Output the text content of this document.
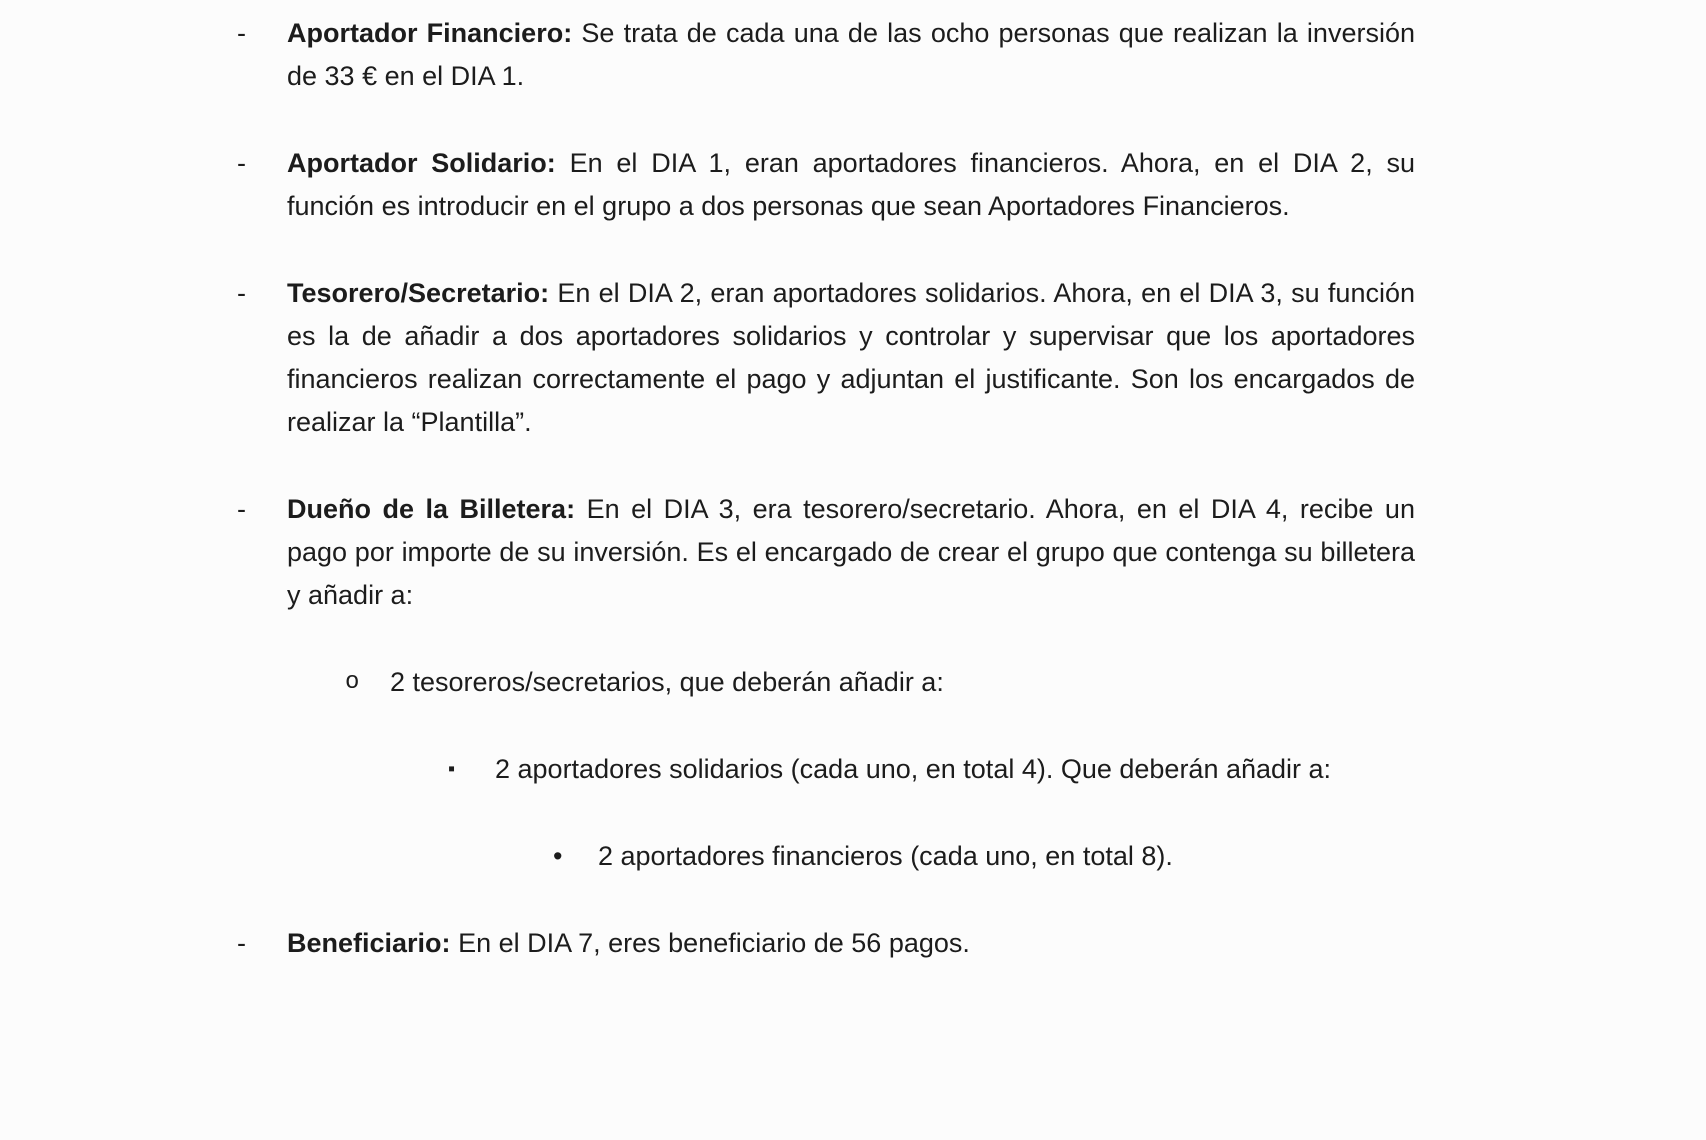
-	Aportador Financiero: Se trata de cada una de las ocho personas que realizan la inversión de 33 € en el DIA 1.

-	Aportador Solidario: En el DIA 1, eran aportadores financieros. Ahora, en el DIA 2, su función es introducir en el grupo a dos personas que sean Aportadores Financieros.

-	Tesorero/Secretario: En el DIA 2, eran aportadores solidarios. Ahora, en el DIA 3, su función es la de añadir a dos aportadores solidarios y controlar y supervisar que los aportadores financieros realizan correctamente el pago y adjuntan el justificante. Son los encargados de realizar la “Plantilla”.

-	Dueño de la Billetera: En el DIA 3, era tesorero/secretario. Ahora, en el DIA 4, recibe un pago por importe de su inversión. Es el encargado de crear el grupo que contenga su billetera y añadir a:

o	2 tesoreros/secretarios, que deberán añadir a:

▪	2 aportadores solidarios (cada uno, en total 4). Que deberán añadir a:

•	2 aportadores financieros (cada uno, en total 8).

-	Beneficiario: En el DIA 7, eres beneficiario de 56 pagos.
